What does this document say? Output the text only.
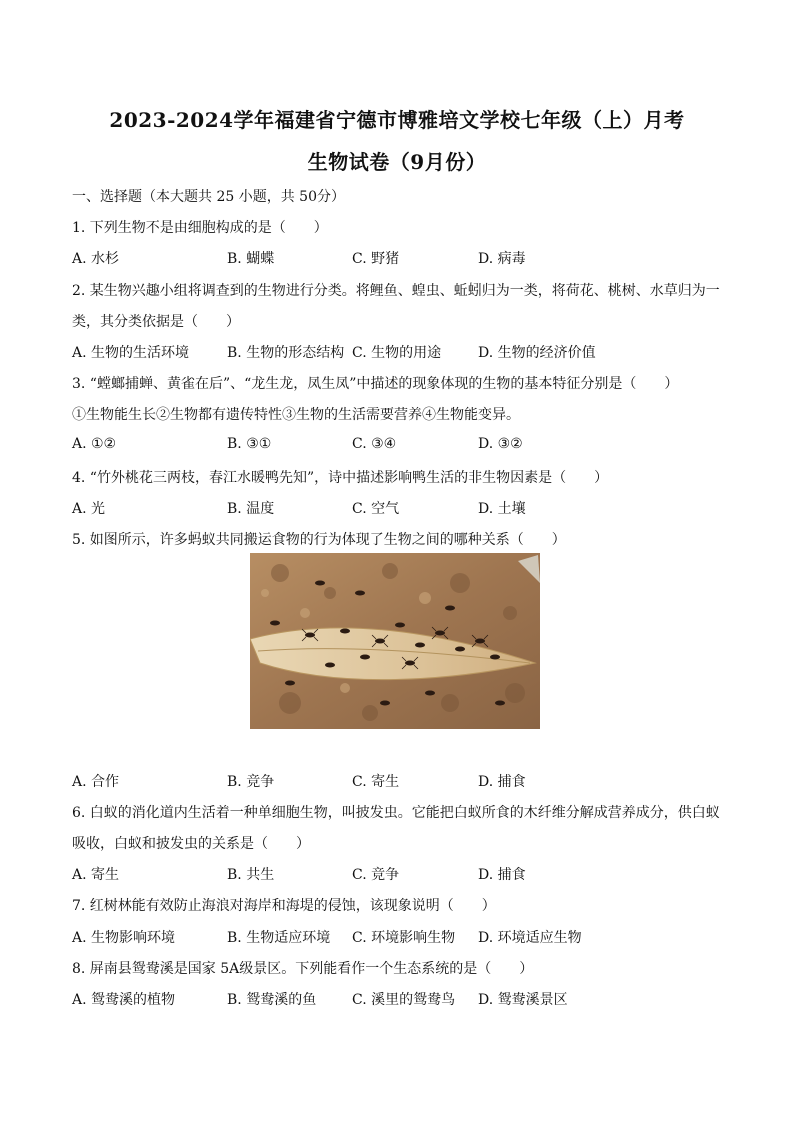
2023-2024学年福建省宁德市博雅培文学校七年级（上）月考
生物试卷（9月份）
一、选择题（本大题共 25 小题，共 50分）
1. 下列生物不是由细胞构成的是（　　）
A. 水杉	B. 蝴蝶	C. 野猪	D. 病毒
2. 某生物兴趣小组将调查到的生物进行分类。将鲤鱼、蝗虫、蚯蚓归为一类，将荷花、桃树、水草归为一
类，其分类依据是（　　）
A. 生物的生活环境	B. 生物的形态结构 C. 生物的用途	D. 生物的经济价值
3. “螳螂捕蝉、黄雀在后”、“龙生龙，凤生凤”中描述的现象体现的生物的基本特征分别是（　　）
①生物能生长②生物都有遗传特性③生物的生活需要营养④生物能变异。
A. ①②	B. ③①	C. ③④	D. ③②
4. “竹外桃花三两枝，春江水暖鸭先知”，诗中描述影响鸭生活的非生物因素是（　　）
A. 光	B. 温度	C. 空气	D. 土壤
5. 如图所示，许多蚂蚁共同搬运食物的行为体现了生物之间的哪种关系（　　）
A. 合作	B. 竞争	C. 寄生	D. 捕食
6. 白蚁的消化道内生活着一种单细胞生物，叫披发虫。它能把白蚁所食的木纤维分解成营养成分，供白蚁
吸收，白蚁和披发虫的关系是（　　）
A. 寄生	B. 共生	C. 竞争	D. 捕食
7. 红树林能有效防止海浪对海岸和海堤的侵蚀，该现象说明（　　）
A. 生物影响环境	B. 生物适应环境 C. 环境影响生物 D. 环境适应生物
8. 屏南县鸳鸯溪是国家 5A级景区。下列能看作一个生态系统的是（　　）
A. 鸳鸯溪的植物	B. 鸳鸯溪的鱼	C. 溪里的鸳鸯鸟 D. 鸳鸯溪景区
